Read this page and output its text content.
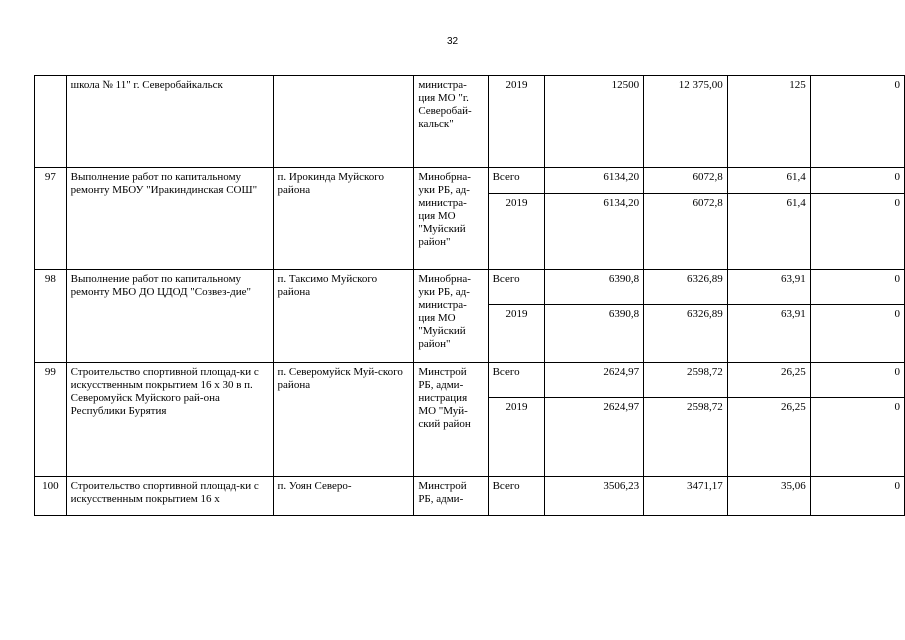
32
	школа № 11" г. Северобайкальск		министра-ция МО "г. Северобай-кальск"	2019	12500	12 375,00	125	0
97	Выполнение работ по капитальному ремонту МБОУ "Иракиндинская СОШ"	п. Ирокинда Муйского района	Минобрна-уки РБ, ад-министра-ция МО "Муйский район"	Всего	6134,20	6072,8	61,4	0
				2019	6134,20	6072,8	61,4	0
98	Выполнение работ по капитальному ремонту МБО ДО ЦДОД "Созвез-дие"	п. Таксимо Муйского района	Минобрна-уки РБ, ад-министра-ция МО "Муйский район"	Всего	6390,8	6326,89	63,91	0
				2019	6390,8	6326,89	63,91	0
99	Строительство спортивной площад-ки с искусственным покрытием 16 х 30 в п. Северомуйск Муйского рай-она Республики Бурятия	п. Северомуйск Муй-ского района	Минстрой РБ, адми-нистрация МО "Муй-ский район	Всего	2624,97	2598,72	26,25	0
				2019	2624,97	2598,72	26,25	0
100	Строительство спортивной площад-ки с искусственным покрытием 16 х	п. Уоян Северо-	Минстрой РБ, адми-	Всего	3506,23	3471,17	35,06	0
